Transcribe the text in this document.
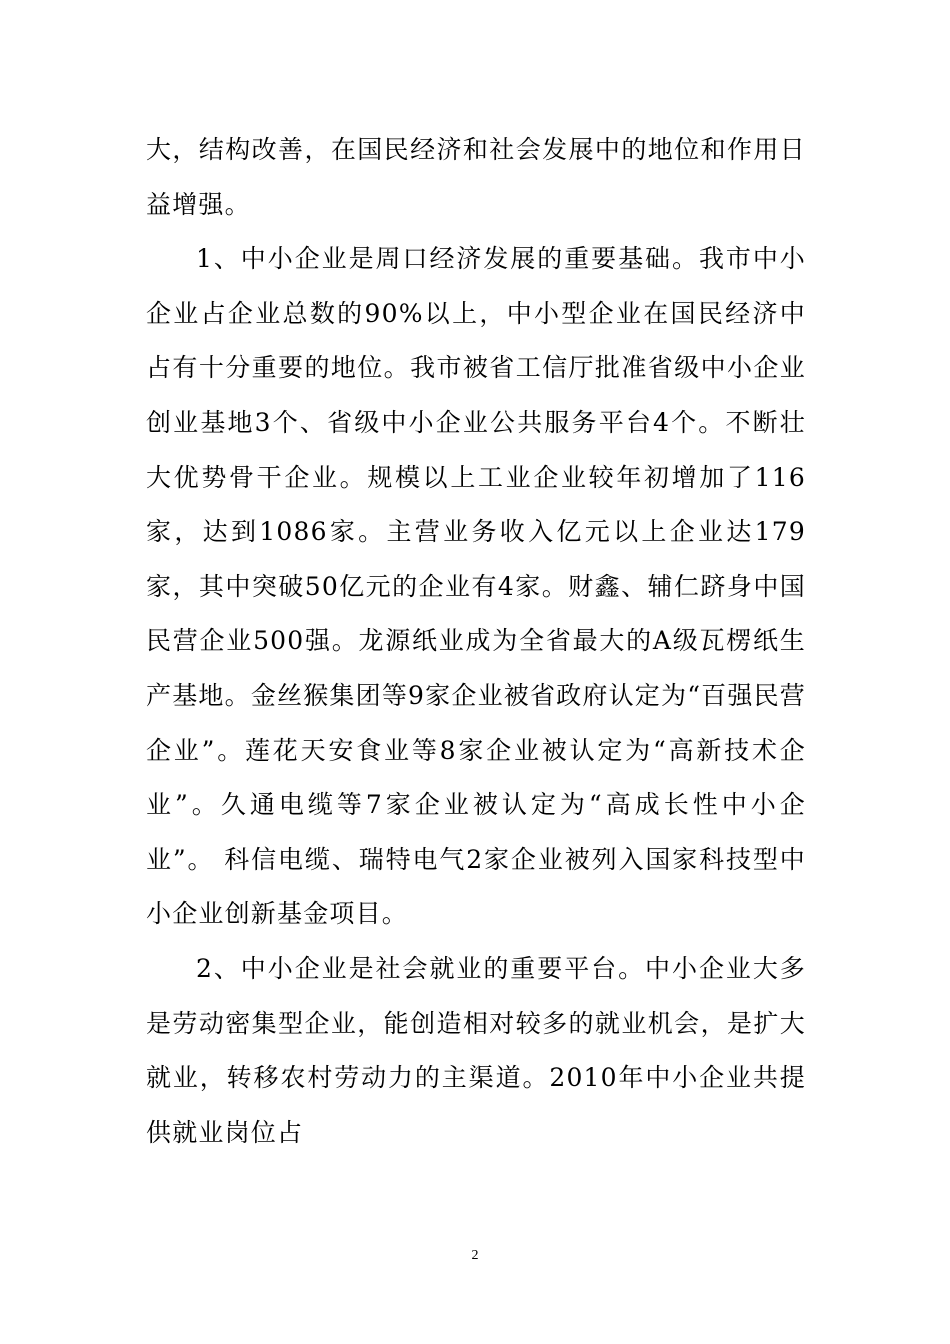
大，结构改善，在国民经济和社会发展中的地位和作用日益增强。

1、中小企业是周口经济发展的重要基础。我市中小企业占企业总数的90%以上，中小型企业在国民经济中占有十分重要的地位。我市被省工信厅批准省级中小企业创业基地3个、省级中小企业公共服务平台4个。不断壮大优势骨干企业。规模以上工业企业较年初增加了116家，达到1086家。主营业务收入亿元以上企业达179家，其中突破50亿元的企业有4家。财鑫、辅仁跻身中国民营企业500强。龙源纸业成为全省最大的A级瓦楞纸生产基地。金丝猴集团等9家企业被省政府认定为“百强民营企业”。莲花天安食业等8家企业被认定为“高新技术企业”。久通电缆等7家企业被认定为“高成长性中小企业”。 科信电缆、瑞特电气2家企业被列入国家科技型中小企业创新基金项目。

2、中小企业是社会就业的重要平台。中小企业大多是劳动密集型企业，能创造相对较多的就业机会，是扩大就业，转移农村劳动力的主渠道。2010年中小企业共提供就业岗位占

2
